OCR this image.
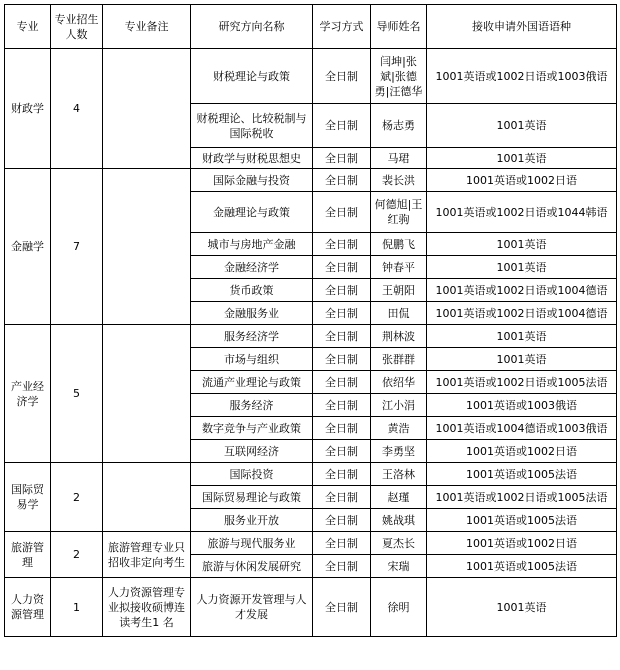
专业	专业招生人数	专业备注	研究方向名称	学习方式	导师姓名	接收申请外国语语种
财政学	4		财税理论与政策	全日制	闫坤|张斌|张德勇|汪德华	1001英语或1002日语或1003俄语
			财税理论、比较税制与国际税收	全日制	杨志勇	1001英语
			财政学与财税思想史	全日制	马珺	1001英语
金融学	7		国际金融与投资	全日制	裴长洪	1001英语或1002日语
			金融理论与政策	全日制	何德旭|王红驹	1001英语或1002日语或1044韩语
			城市与房地产金融	全日制	倪鹏飞	1001英语
			金融经济学	全日制	钟春平	1001英语
			货币政策	全日制	王朝阳	1001英语或1002日语或1004德语
			金融服务业	全日制	田侃	1001英语或1002日语或1004德语
产业经济学	5		服务经济学	全日制	荆林波	1001英语
			市场与组织	全日制	张群群	1001英语
			流通产业理论与政策	全日制	依绍华	1001英语或1002日语或1005法语
			服务经济	全日制	江小涓	1001英语或1003俄语
			数字竞争与产业政策	全日制	黄浩	1001英语或1004德语或1003俄语
			互联网经济	全日制	李勇坚	1001英语或1002日语
国际贸易学	2		国际投资	全日制	王洛林	1001英语或1005法语
			国际贸易理论与政策	全日制	赵瑾	1001英语或1002日语或1005法语
			服务业开放	全日制	姚战琪	1001英语或1005法语
旅游管理	2	旅游管理专业只招收非定向考生	旅游与现代服务业	全日制	夏杰长	1001英语或1002日语
			旅游与休闲发展研究	全日制	宋瑞	1001英语或1005法语
人力资源管理	1	人力资源管理专业拟接收硕博连读考生1 名	人力资源开发管理与人才发展	全日制	徐明	1001英语
